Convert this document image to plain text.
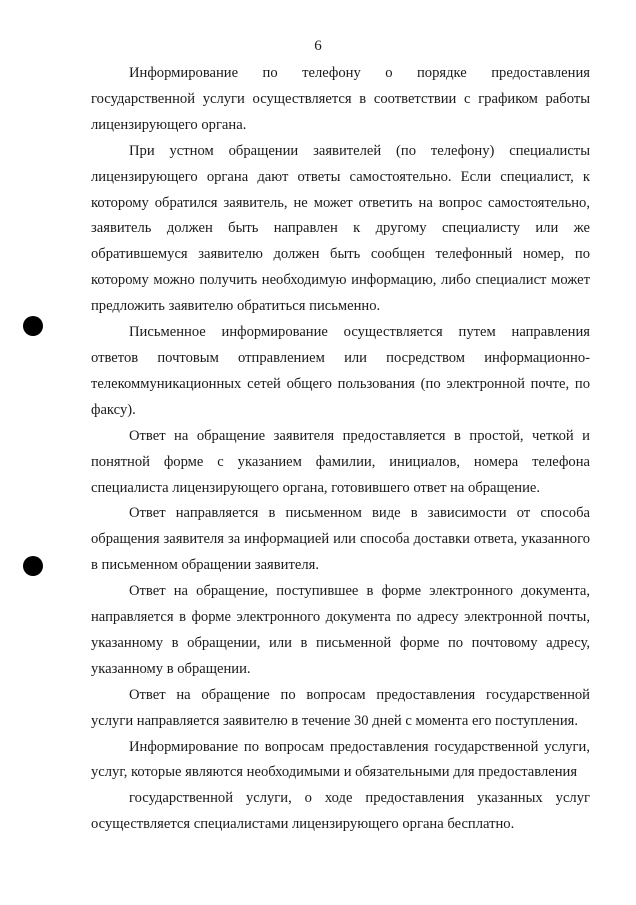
6

Информирование по телефону о порядке предоставления государственной услуги осуществляется в соответствии с графиком работы лицензирующего органа.

При устном обращении заявителей (по телефону) специалисты лицензирующего органа дают ответы самостоятельно. Если специалист, к которому обратился заявитель, не может ответить на вопрос самостоятельно, заявитель должен быть направлен к другому специалисту или же обратившемуся заявителю должен быть сообщен телефонный номер, по которому можно получить необходимую информацию, либо специалист может предложить заявителю обратиться письменно.

Письменное информирование осуществляется путем направления ответов почтовым отправлением или посредством информационно-телекоммуникационных сетей общего пользования (по электронной почте, по факсу).

Ответ на обращение заявителя предоставляется в простой, четкой и понятной форме с указанием фамилии, инициалов, номера телефона специалиста лицензирующего органа, готовившего ответ на обращение.

Ответ направляется в письменном виде в зависимости от способа обращения заявителя за информацией или способа доставки ответа, указанного в письменном обращении заявителя.

Ответ на обращение, поступившее в форме электронного документа, направляется в форме электронного документа по адресу электронной почты, указанному в обращении, или в письменной форме по почтовому адресу, указанному в обращении.

Ответ на обращение по вопросам предоставления государственной услуги направляется заявителю в течение 30 дней с момента его поступления.

Информирование по вопросам предоставления государственной услуги, услуг, которые являются необходимыми и обязательными для предоставления
государственной услуги, о ходе предоставления указанных услуг
осуществляется специалистами лицензирующего органа бесплатно.
